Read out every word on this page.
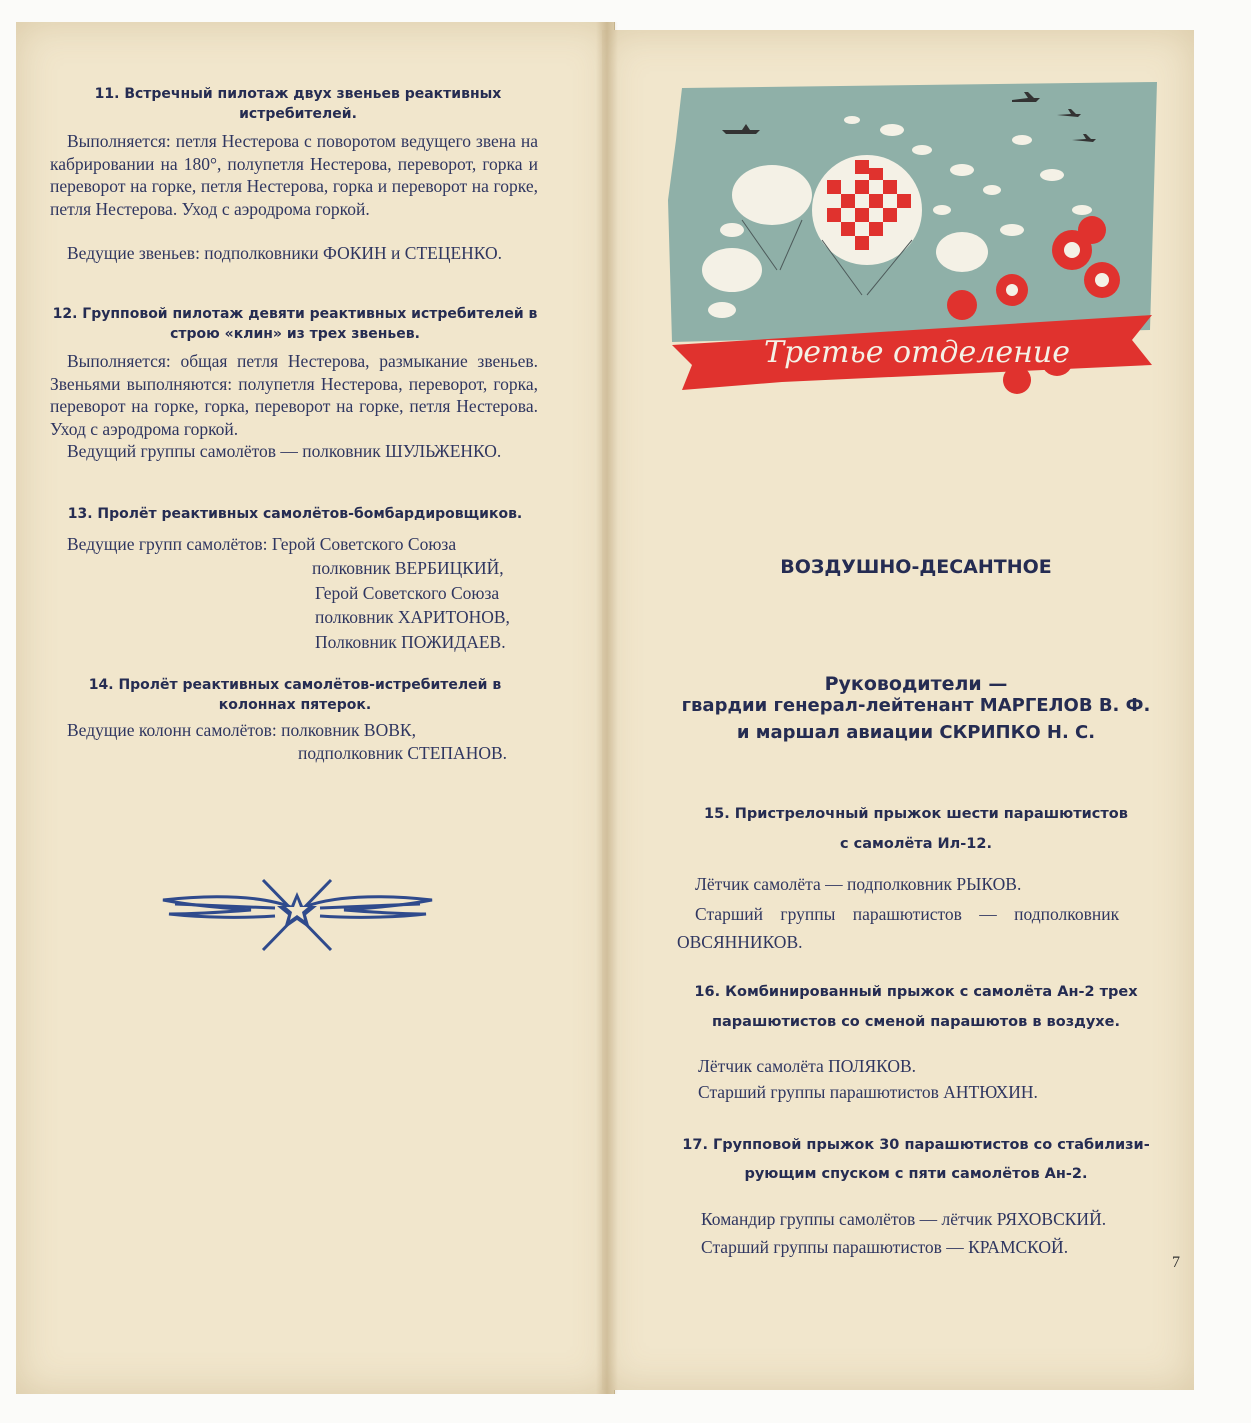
11. Встречный пилотаж двух звеньев реактивных истребителей.
Выполняется: петля Нестерова с поворотом ведущего звена на кабрировании на 180°, полупетля Нестерова, переворот, горка и переворот на горке, петля Нестерова, горка и переворот на горке, петля Нестерова. Уход с аэродрома горкой.
Ведущие звеньев: подполковники ФОКИН и СТЕЦЕНКО.
12. Групповой пилотаж девяти реактивных истребителей в строю «клин» из трех звеньев.
Выполняется: общая петля Нестерова, размыкание звеньев. Звеньями выполняются: полупетля Нестерова, переворот, горка, переворот на горке, горка, переворот на горке, петля Нестерова. Уход с аэродрома горкой.
Ведущий группы самолётов — полковник ШУЛЬЖЕНКО.
13. Пролёт реактивных самолётов-бомбардировщиков.
Ведущие групп самолётов: Герой Советского Союза
полковник ВЕРБИЦКИЙ,
Герой Советского Союза
полковник ХАРИТОНОВ,
Полковник ПОЖИДАЕВ.
14. Пролёт реактивных самолётов-истребителей в колоннах пятерок.
Ведущие колонн самолётов: полковник ВОВК,
подполковник СТЕПАНОВ.
Третье отделение
ВОЗДУШНО-ДЕСАНТНОЕ
Руководители —
гвардии генерал-лейтенант МАРГЕЛОВ В. Ф.
и маршал авиации СКРИПКО Н. С.
15. Пристрелочный прыжок шести парашютистов
с самолёта Ил-12.
Лётчик самолёта — подполковник РЫКОВ.
Старший группы парашютистов — подполковник
ОВСЯННИКОВ.
16. Комбинированный прыжок с самолёта Ан-2 трех
парашютистов со сменой парашютов в воздухе.
Лётчик самолёта ПОЛЯКОВ.
Старший группы парашютистов АНТЮХИН.
17. Групповой прыжок 30 парашютистов со стабилизи-
рующим спуском с пяти самолётов Ан-2.
Командир группы самолётов — лётчик РЯХОВСКИЙ.
Старший группы парашютистов — КРАМСКОЙ.
7
